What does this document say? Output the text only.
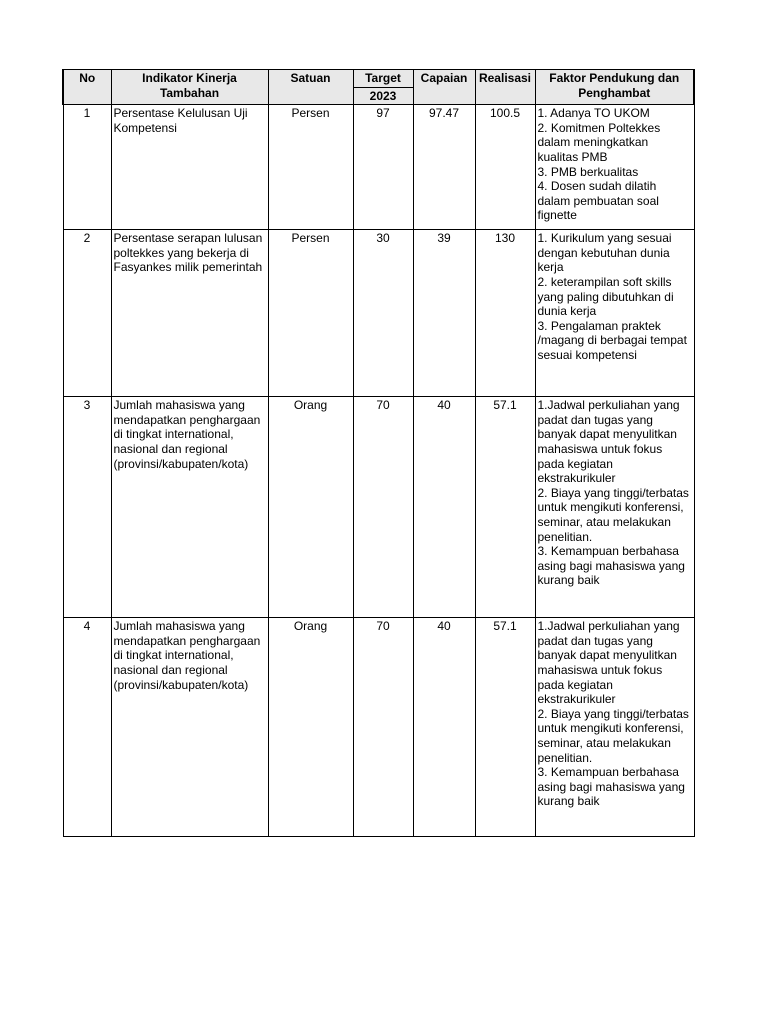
No	Indikator Kinerja Tambahan	Satuan	Target	Capaian	Realisasi	Faktor Pendukung dan Penghambat
			2023			
1	Persentase Kelulusan Uji Kompetensi	Persen	97	97.47	100.5	1. Adanya TO UKOM
2. Komitmen Poltekkes dalam meningkatkan kualitas PMB
3. PMB berkualitas
4. Dosen sudah dilatih dalam pembuatan soal fignette
2	Persentase serapan lulusan poltekkes yang bekerja di Fasyankes milik pemerintah	Persen	30	39	130	1. Kurikulum yang sesuai dengan kebutuhan dunia kerja
2. keterampilan soft skills yang paling dibutuhkan di dunia kerja
3. Pengalaman praktek /magang di berbagai tempat sesuai kompetensi
3	Jumlah mahasiswa yang mendapatkan penghargaan di tingkat international, nasional dan regional (provinsi/kabupaten/kota)	Orang	70	40	57.1	1.Jadwal perkuliahan yang padat dan tugas yang banyak dapat menyulitkan mahasiswa untuk fokus pada kegiatan ekstrakurikuler
2. Biaya yang tinggi/terbatas untuk mengikuti konferensi, seminar, atau melakukan penelitian.
3. Kemampuan berbahasa asing bagi mahasiswa yang kurang baik
4	Jumlah mahasiswa yang mendapatkan penghargaan di tingkat international, nasional dan regional (provinsi/kabupaten/kota)	Orang	70	40	57.1	1.Jadwal perkuliahan yang padat dan tugas yang banyak dapat menyulitkan mahasiswa untuk fokus pada kegiatan ekstrakurikuler
2. Biaya yang tinggi/terbatas untuk mengikuti konferensi, seminar, atau melakukan penelitian.
3. Kemampuan berbahasa asing bagi mahasiswa yang kurang baik
